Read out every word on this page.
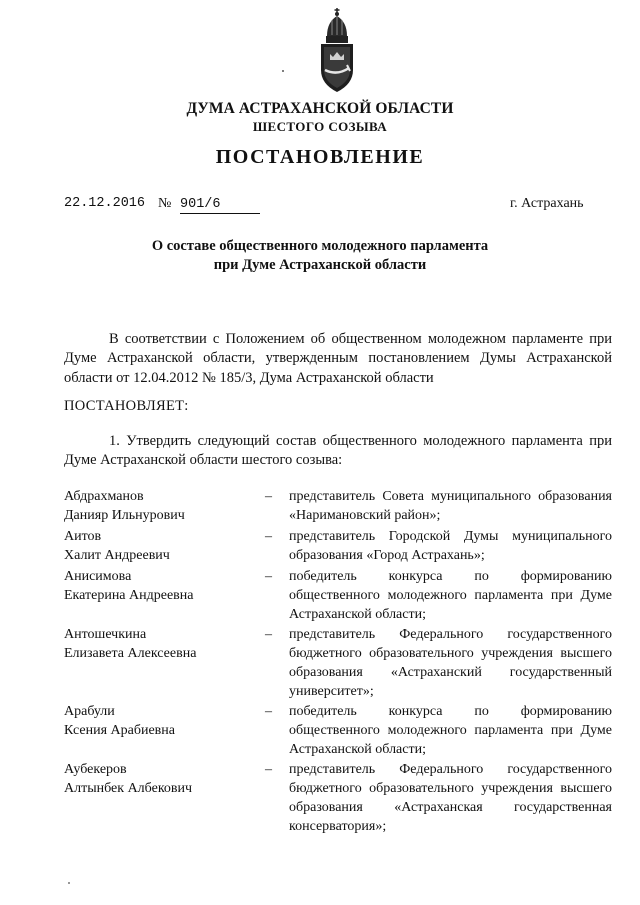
ДУМА АСТРАХАНСКОЙ ОБЛАСТИ
ШЕСТОГО СОЗЫВА
ПОСТАНОВЛЕНИЕ
22.12.2016 № 901/6	г. Астрахань
О составе общественного молодежного парламента
при Думе Астраханской области
В соответствии с Положением об общественном молодежном парламенте при Думе Астраханской области, утвержденным постановлением Думы Астраханской области от 12.04.2012 № 185/3, Дума Астраханской области
ПОСТАНОВЛЯЕТ:
1. Утвердить следующий состав общественного молодежного парламента при Думе Астраханской области шестого созыва:
Абдрахманов
Данияр Ильнурович
– представитель Совета муниципального образования «Наримановский район»;
Аитов
Халит Андреевич
– представитель Городской Думы муниципального образования «Город Астрахань»;
Анисимова
Екатерина Андреевна
– победитель конкурса по формированию общественного молодежного парламента при Думе Астраханской области;
Антошечкина
Елизавета Алексеевна
– представитель Федерального государственного бюджетного образовательного учреждения высшего образования «Астраханский государственный университет»;
Арабули
Ксения Арабиевна
– победитель конкурса по формированию общественного молодежного парламента при Думе Астраханской области;
Аубекеров
Алтынбек Албекович
– представитель Федерального государственного бюджетного образовательного учреждения высшего образования «Астраханская государственная консерватория»;
